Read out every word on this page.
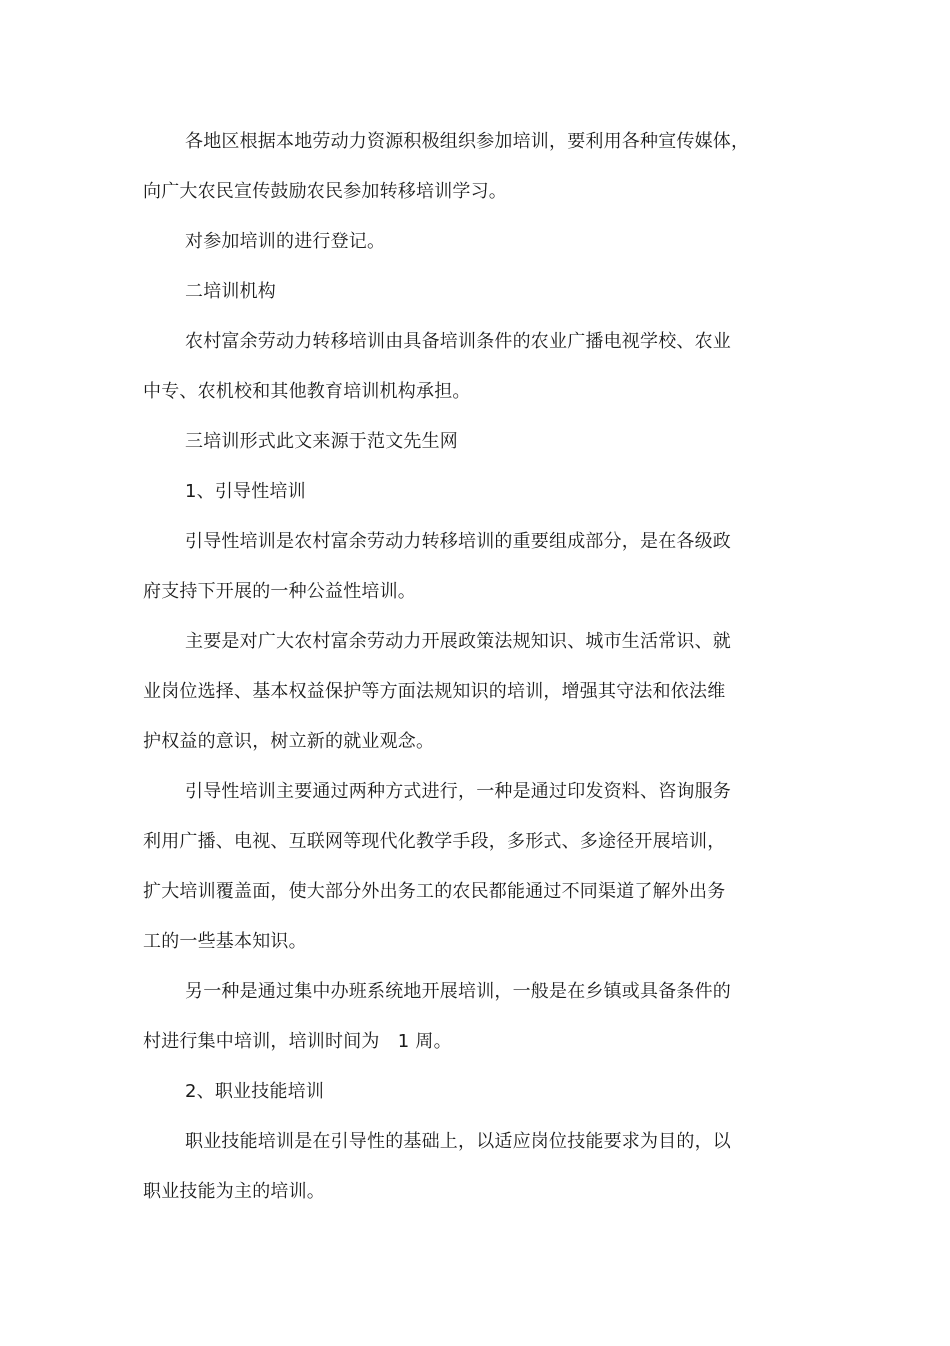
各地区根据本地劳动力资源积极组织参加培训，要利用各种宣传媒体，
向广大农民宣传鼓励农民参加转移培训学习。
对参加培训的进行登记。
二培训机构
农村富余劳动力转移培训由具备培训条件的农业广播电视学校、农业
中专、农机校和其他教育培训机构承担。
三培训形式此文来源于范文先生网
1、引导性培训
引导性培训是农村富余劳动力转移培训的重要组成部分，是在各级政
府支持下开展的一种公益性培训。
主要是对广大农村富余劳动力开展政策法规知识、城市生活常识、就
业岗位选择、基本权益保护等方面法规知识的培训，增强其守法和依法维
护权益的意识，树立新的就业观念。
引导性培训主要通过两种方式进行，一种是通过印发资料、咨询服务
利用广播、电视、互联网等现代化教学手段，多形式、多途径开展培训，
扩大培训覆盖面，使大部分外出务工的农民都能通过不同渠道了解外出务
工的一些基本知识。
另一种是通过集中办班系统地开展培训，一般是在乡镇或具备条件的
村进行集中培训，培训时间为　1 周。
2、职业技能培训
职业技能培训是在引导性的基础上，以适应岗位技能要求为目的，以
职业技能为主的培训。
